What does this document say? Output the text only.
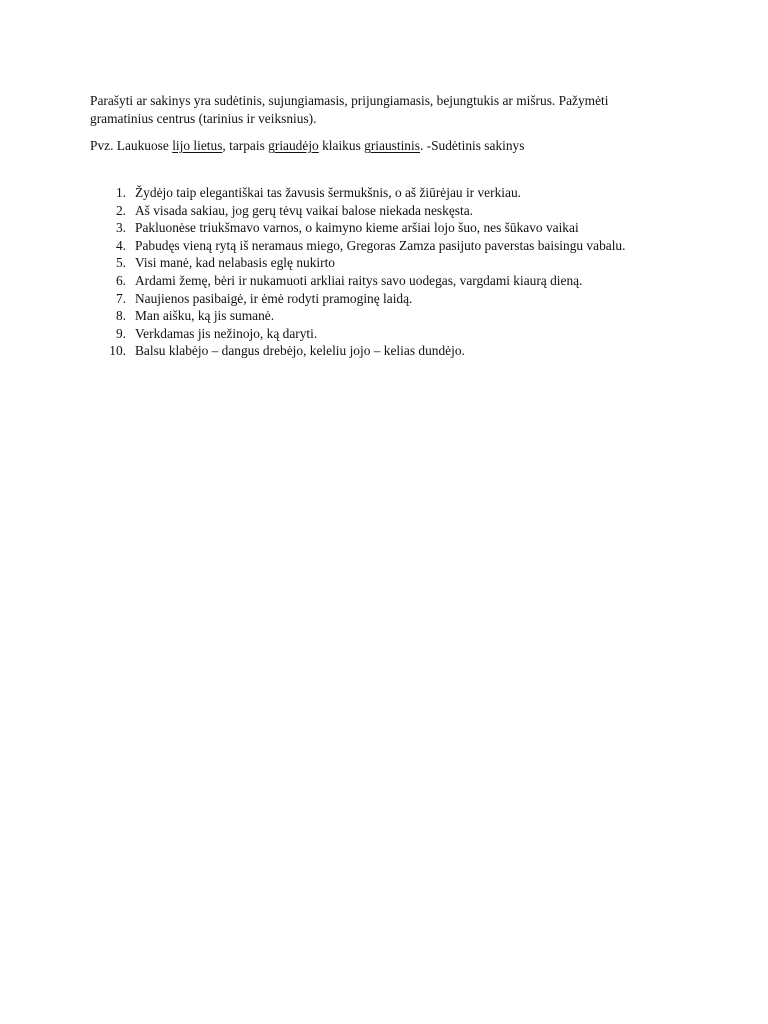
Parašyti ar sakinys yra sudėtinis, sujungiamasis, prijungiamasis, bejungtukis ar mišrus. Pažymėti
gramatinius centrus (tarinius ir veiksnius).

Pvz. Laukuose lijo lietus, tarpais griaudėjo klaikus griaustinis. -Sudėtinis sakinys

1. Žydėjo taip elegantiškai tas žavusis šermukšnis, o aš žiūrėjau ir verkiau.
2. Aš visada sakiau, jog gerų tėvų vaikai balose niekada neskęsta.
3. Pakluonėse triukšmavo varnos, o kaimyno kieme aršiai lojo šuo, nes šūkavo vaikai
4. Pabudęs vieną rytą iš neramaus miego, Gregoras Zamza pasijuto paverstas baisingu vabalu.
5. Visi manė, kad nelabasis eglę nukirto
6. Ardami žemę, bėri ir nukamuoti arkliai raitys savo uodegas, vargdami kiaurą dieną.
7. Naujienos pasibaigė, ir ėmė rodyti pramoginę laidą.
8. Man aišku, ką jis sumanė.
9. Verkdamas jis nežinojo, ką daryti.
10. Balsu klabėjo – dangus drebėjo, keleliu jojo – kelias dundėjo.
